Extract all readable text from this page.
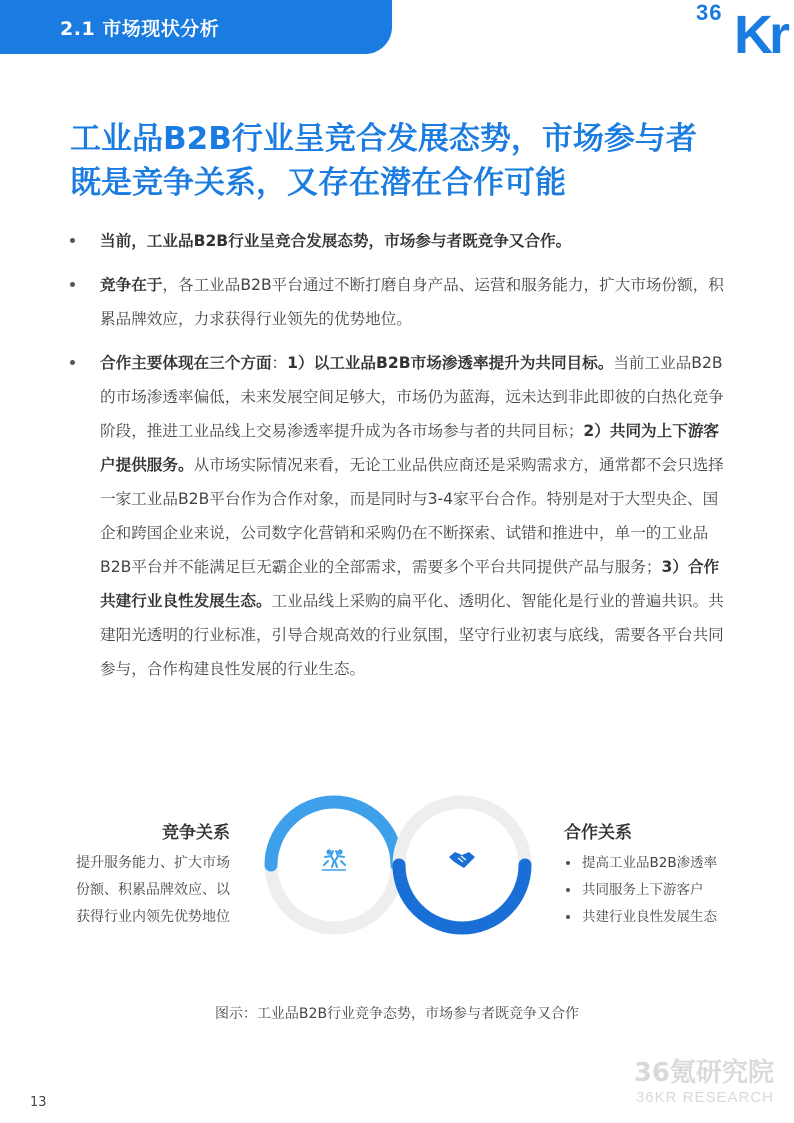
2.1 市场现状分析
36 Kr
工业品B2B行业呈竞合发展态势，市场参与者
既是竞争关系，又存在潜在合作可能
当前，工业品B2B行业呈竞合发展态势，市场参与者既竞争又合作。
竞争在于，各工业品B2B平台通过不断打磨自身产品、运营和服务能力，扩大市场份额，积累品牌效应，力求获得行业领先的优势地位。
合作主要体现在三个方面：1）以工业品B2B市场渗透率提升为共同目标。当前工业品B2B的市场渗透率偏低，未来发展空间足够大，市场仍为蓝海，远未达到非此即彼的白热化竞争阶段，推进工业品线上交易渗透率提升成为各市场参与者的共同目标；2）共同为上下游客户提供服务。从市场实际情况来看，无论工业品供应商还是采购需求方，通常都不会只选择一家工业品B2B平台作为合作对象，而是同时与3-4家平台合作。特别是对于大型央企、国企和跨国企业来说，公司数字化营销和采购仍在不断探索、试错和推进中，单一的工业品B2B平台并不能满足巨无霸企业的全部需求，需要多个平台共同提供产品与服务；3）合作共建行业良性发展生态。工业品线上采购的扁平化、透明化、智能化是行业的普遍共识。共建阳光透明的行业标准，引导合规高效的行业氛围，坚守行业初衷与底线，需要各平台共同参与，合作构建良性发展的行业生态。
竞争关系
提升服务能力、扩大市场
份额、积累品牌效应、以
获得行业内领先优势地位
合作关系
提高工业品B2B渗透率
共同服务上下游客户
共建行业良性发展生态
图示：工业品B2B行业竞争态势，市场参与者既竞争又合作
36氪研究院
36KR RESEARCH
13
